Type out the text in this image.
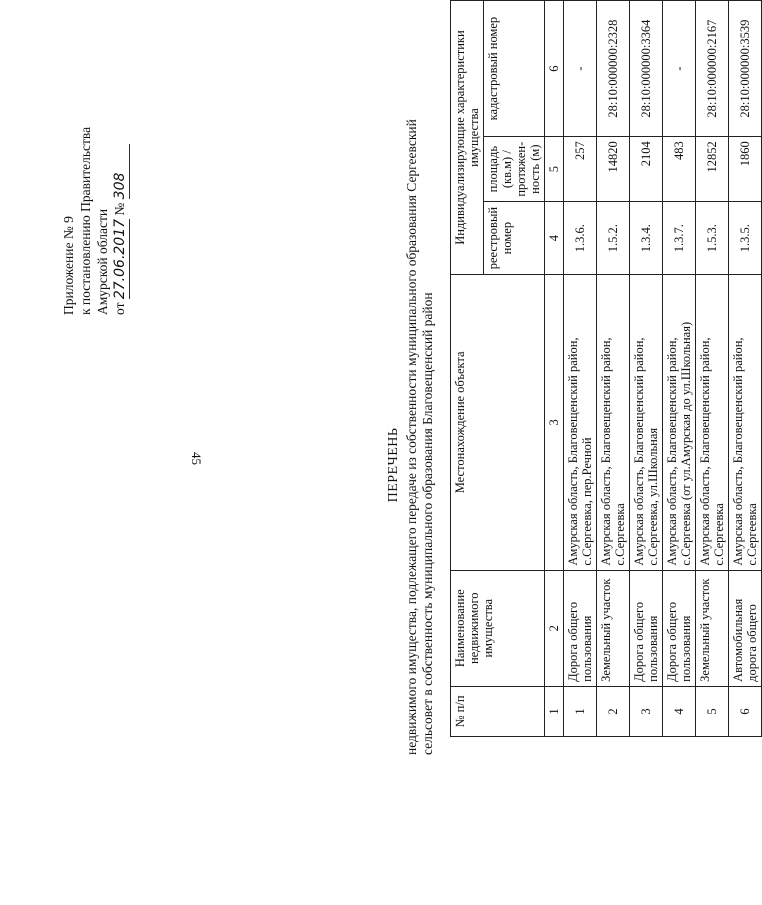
45
Приложение № 9 к постановлению Правительства Амурской области от 27.06.2017 № 308
ПЕРЕЧЕНЬ недвижимого имущества, подлежащего передаче из собственности муниципального образования Сергеевский сельсовет в собственность муниципального образования Благовещенский район № п/п	Наименование недвижимого имущества	Местонахождение объекта	Индивидуализирующие характеристики имущества		
			реестровый номер	площадь (кв.м) / протяжен-ность (м)	кадастровый номер
1	2	3	4	5	6
1	Дорога общего пользования	Амурская область, Благовещенский район, с.Сергеевка, пер.Речной	1.3.6.	257	-
2	Земельный участок	Амурская область, Благовещенский район, с.Сергеевка	1.5.2.	14820	28:10:000000:2328
3	Дорога общего пользования	Амурская область, Благовещенский район, с.Сергеевка, ул.Школьная	1.3.4.	2104	28:10:000000:3364
4	Дорога общего пользования	Амурская область, Благовещенский район, с.Сергеевка (от ул.Амурская до ул.Школьная)	1.3.7.	483	-
5	Земельный участок	Амурская область, Благовещенский район, с.Сергеевка	1.5.3.	12852	28:10:000000:2167
6	Автомобильная дорога общего	Амурская область, Благовещенский район, с.Сергеевка	1.3.5.	1860	28:10:000000:3539
